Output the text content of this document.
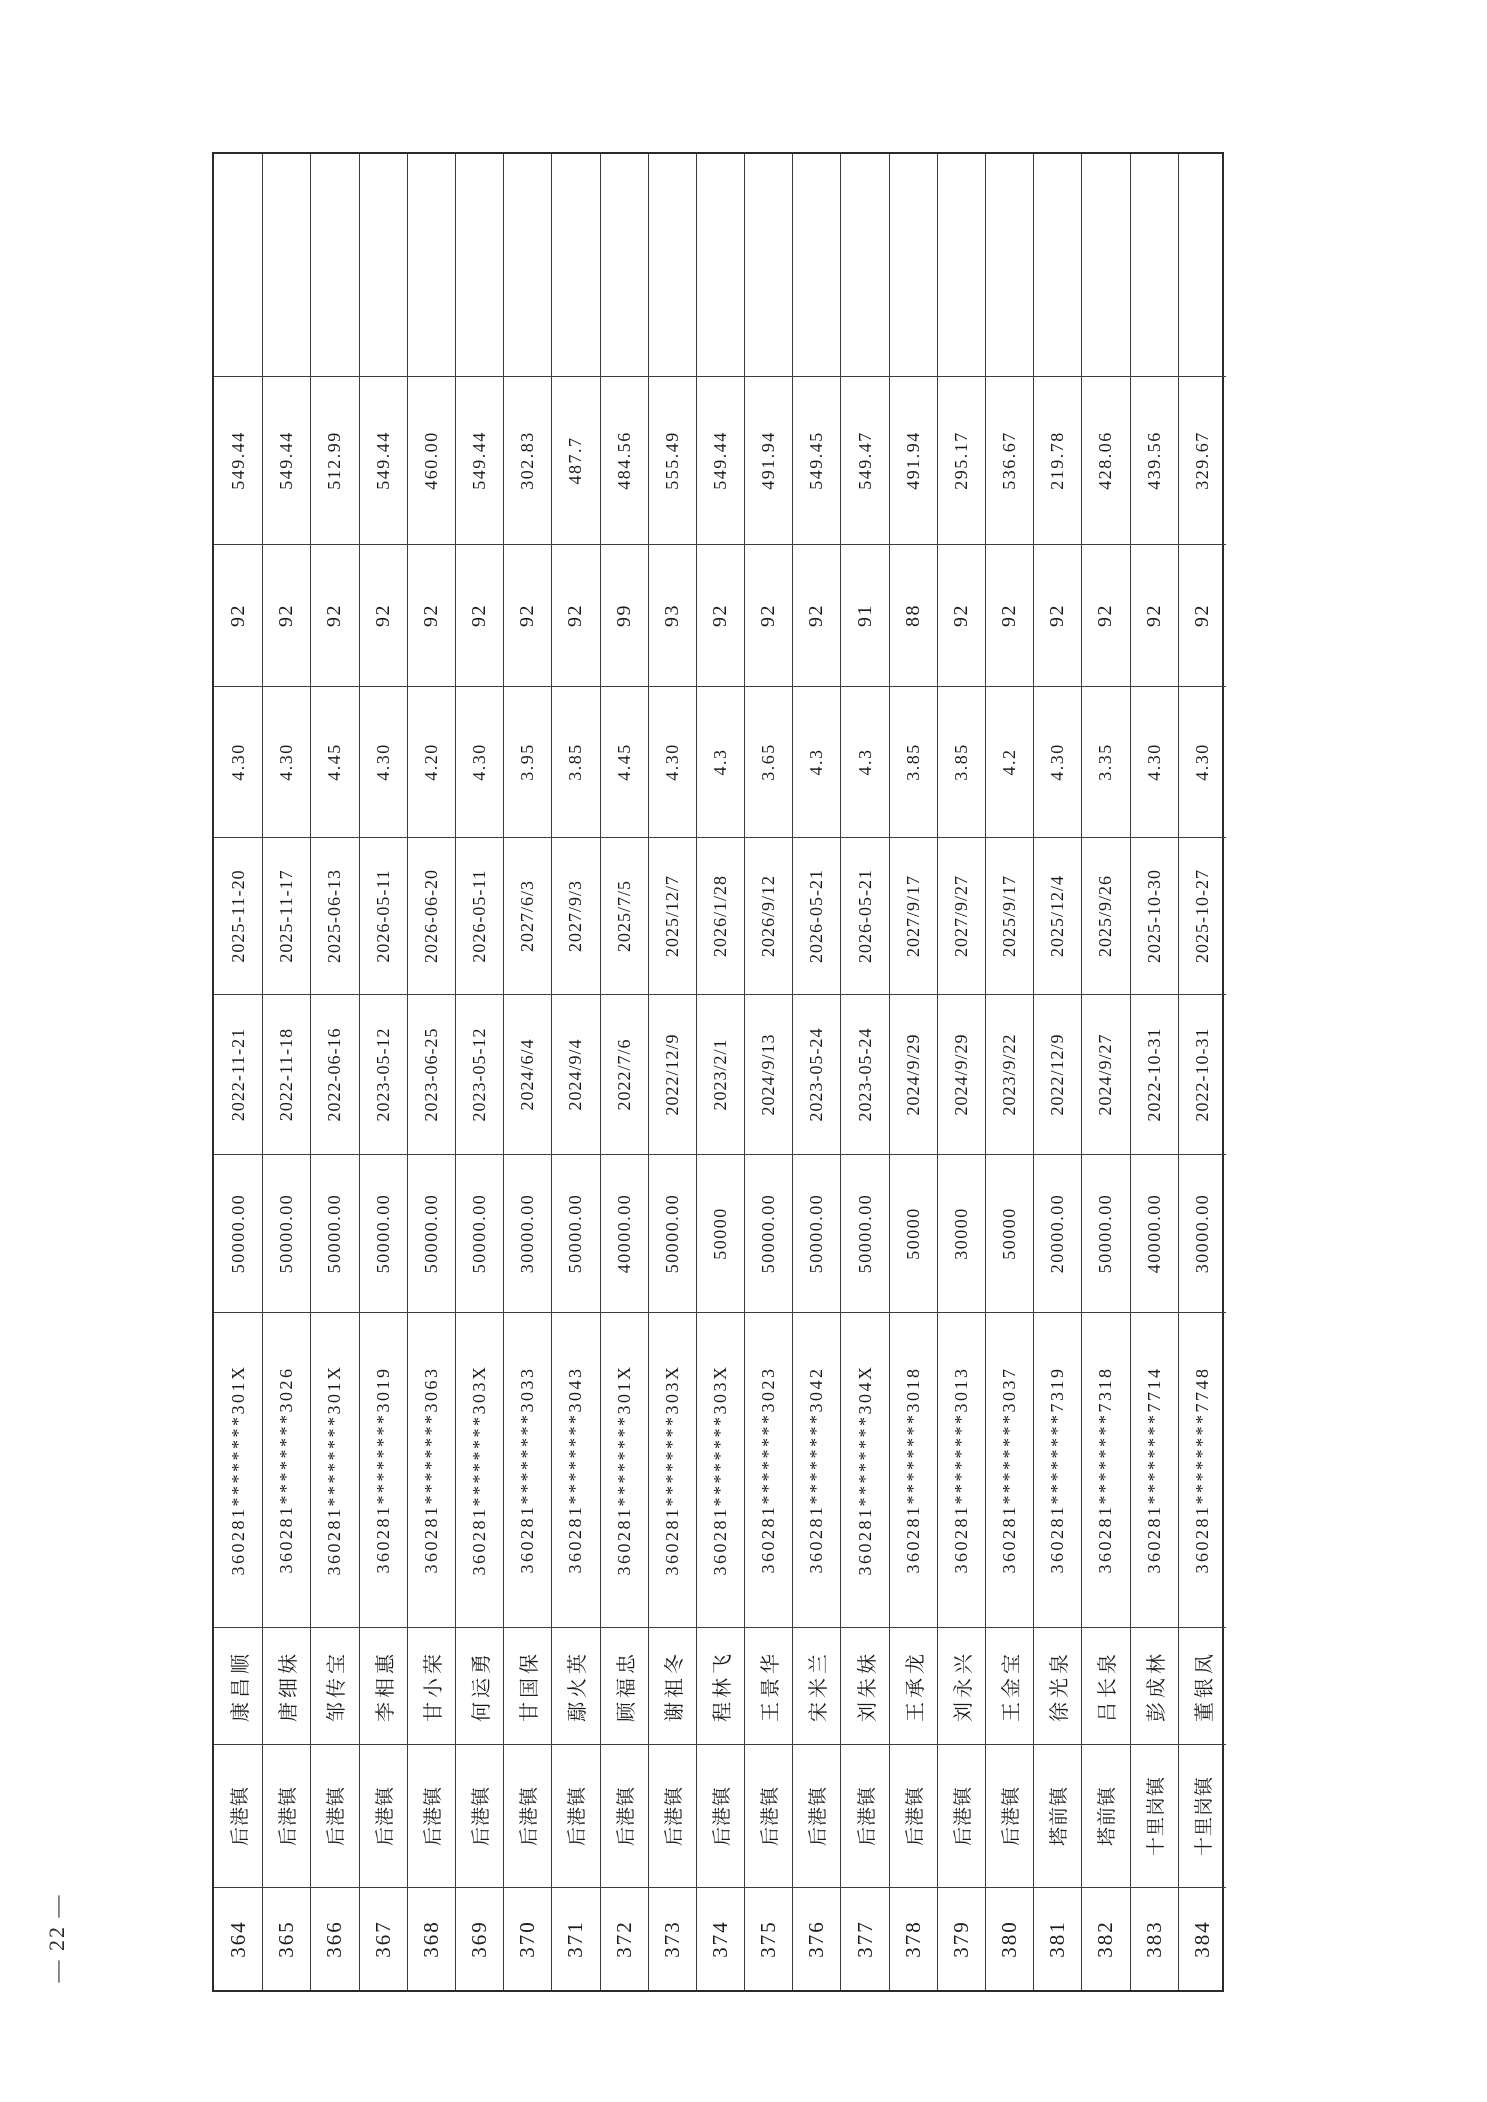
364
后港镇
康昌顺
360281********301X
50000.00
2022-11-21
2025-11-20
4.30
92
549.44
365
后港镇
唐细妹
360281********3026
50000.00
2022-11-18
2025-11-17
4.30
92
549.44
366
后港镇
邹传宝
360281********301X
50000.00
2022-06-16
2025-06-13
4.45
92
512.99
367
后港镇
李相惠
360281********3019
50000.00
2023-05-12
2026-05-11
4.30
92
549.44
368
后港镇
甘小荣
360281********3063
50000.00
2023-06-25
2026-06-20
4.20
92
460.00
369
后港镇
何运勇
360281********303X
50000.00
2023-05-12
2026-05-11
4.30
92
549.44
370
后港镇
甘国保
360281********3033
30000.00
2024/6/4
2027/6/3
3.95
92
302.83
371
后港镇
鄢火英
360281********3043
50000.00
2024/9/4
2027/9/3
3.85
92
487.7
372
后港镇
顾福忠
360281********301X
40000.00
2022/7/6
2025/7/5
4.45
99
484.56
373
后港镇
谢祖冬
360281********303X
50000.00
2022/12/9
2025/12/7
4.30
93
555.49
374
后港镇
程林飞
360281********303X
50000
2023/2/1
2026/1/28
4.3
92
549.44
375
后港镇
王景华
360281********3023
50000.00
2024/9/13
2026/9/12
3.65
92
491.94
376
后港镇
宋米兰
360281********3042
50000.00
2023-05-24
2026-05-21
4.3
92
549.45
377
后港镇
刘朱妹
360281********304X
50000.00
2023-05-24
2026-05-21
4.3
91
549.47
378
后港镇
王承龙
360281********3018
50000
2024/9/29
2027/9/17
3.85
88
491.94
379
后港镇
刘永兴
360281********3013
30000
2024/9/29
2027/9/27
3.85
92
295.17
380
后港镇
王金宝
360281********3037
50000
2023/9/22
2025/9/17
4.2
92
536.67
381
塔前镇
徐光泉
360281********7319
20000.00
2022/12/9
2025/12/4
4.30
92
219.78
382
塔前镇
吕长泉
360281********7318
50000.00
2024/9/27
2025/9/26
3.35
92
428.06
383
十里岗镇
彭成林
360281********7714
40000.00
2022-10-31
2025-10-30
4.30
92
439.56
384
十里岗镇
董银凤
360281********7748
30000.00
2022-10-31
2025-10-27
4.30
92
329.67
— 22 —
